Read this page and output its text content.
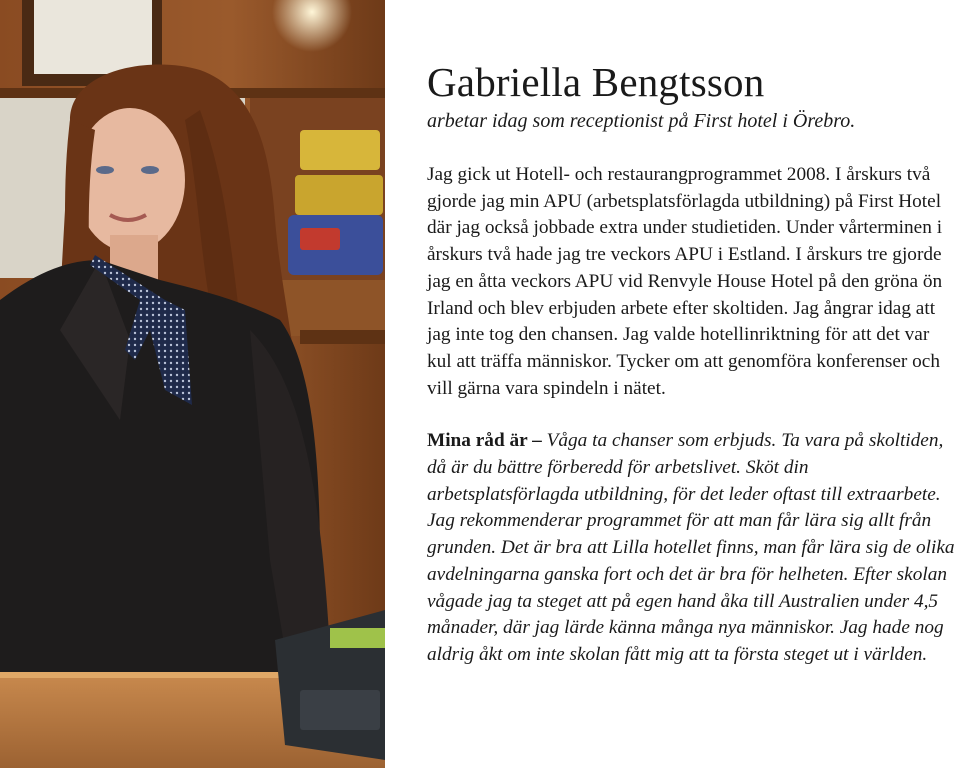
Gabriella Bengtsson

arbetar idag som receptionist på First hotel i Örebro.

Jag gick ut Hotell- och restaurangprogrammet 2008. I årskurs två gjorde jag min APU (arbetsplatsförlagda utbildning) på First Hotel där jag också jobbade extra under studietiden. Under vårterminen i årskurs två hade jag tre veckors APU i Estland. I årskurs tre gjorde jag en åtta veckors APU vid Renvyle House Hotel på den gröna ön Irland och blev erbjuden arbete efter skoltiden. Jag ångrar idag att jag inte tog den chansen. Jag valde hotellinriktning för att det var kul att träffa människor. Tycker om att genomföra konferenser och vill gärna vara spindeln i nätet.

Mina råd är – Våga ta chanser som erbjuds. Ta vara på skoltiden, då är du bättre förberedd för arbetslivet. Sköt din arbetsplatsförlagda utbildning, för det leder oftast till extraarbete. Jag rekommenderar programmet för att man får lära sig allt från grunden. Det är bra att Lilla hotellet finns, man får lära sig de olika avdelningarna ganska fort och det är bra för helheten. Efter skolan vågade jag ta steget att på egen hand åka till Australien under 4,5 månader, där jag lärde känna många nya människor. Jag hade nog aldrig åkt om inte skolan fått mig att ta första steget ut i världen.
